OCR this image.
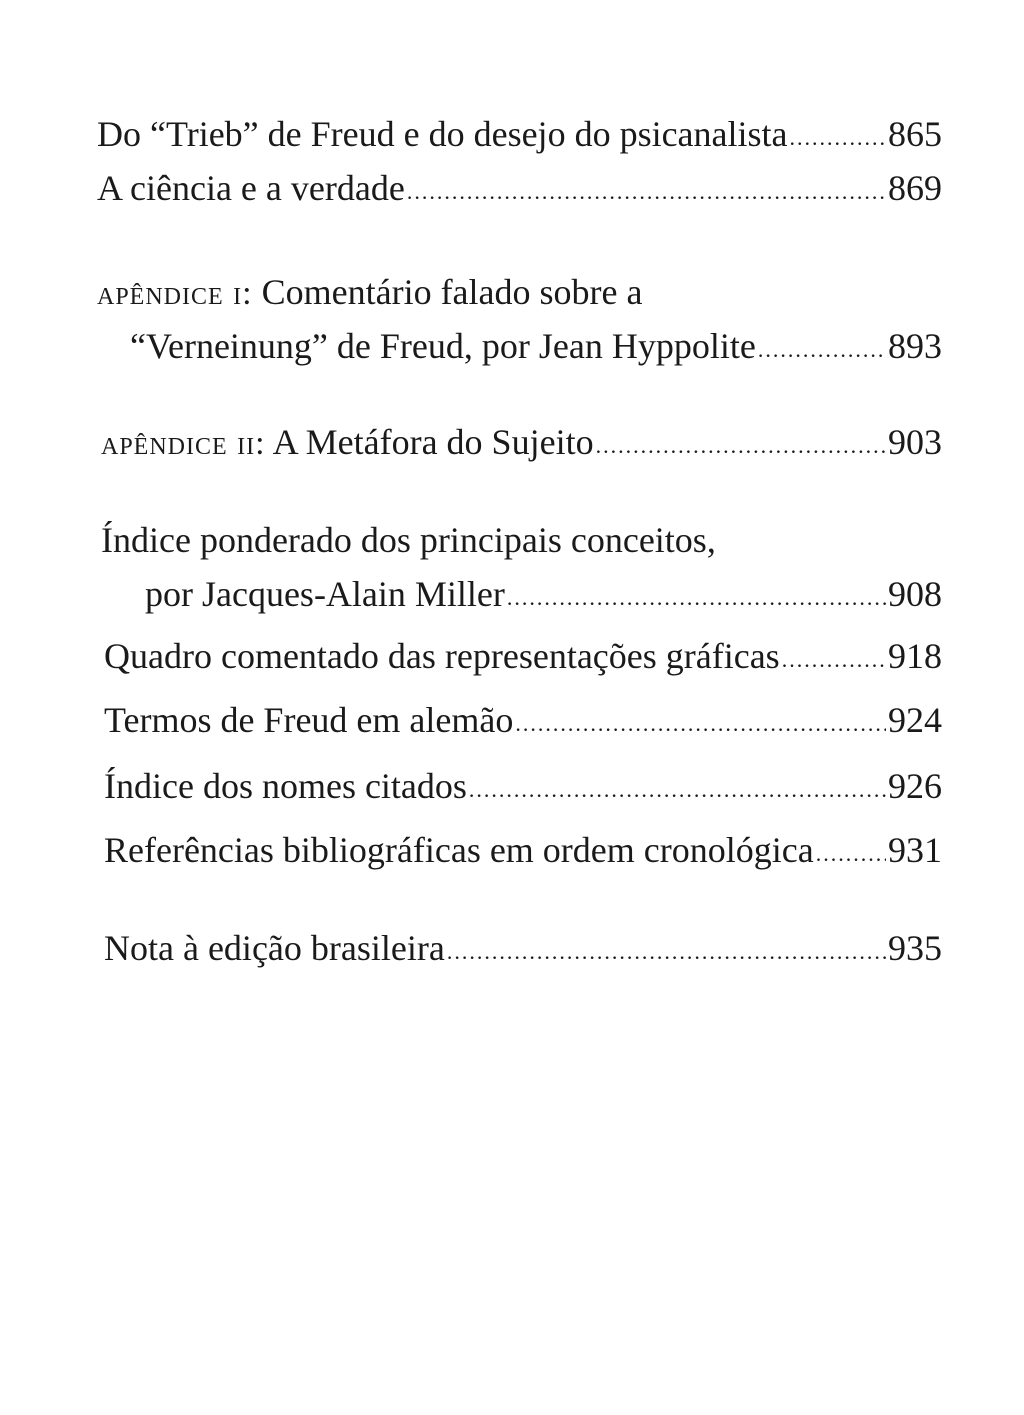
Do “Trieb” de Freud e do desejo do psicanalista .....	865
A ciência e a verdade .....	869
apêndice i: Comentário falado sobre a
“Verneinung” de Freud, por Jean Hyppolite .....	893
apêndice ii: A Metáfora do Sujeito .....	903
Índice ponderado dos principais conceitos,
por Jacques-Alain Miller .....	908
Quadro comentado das representações gráficas .....	918
Termos de Freud em alemão .....	924
Índice dos nomes citados .....	926
Referências bibliográficas em ordem cronológica ..... 931
Nota à edição brasileira .....	935
